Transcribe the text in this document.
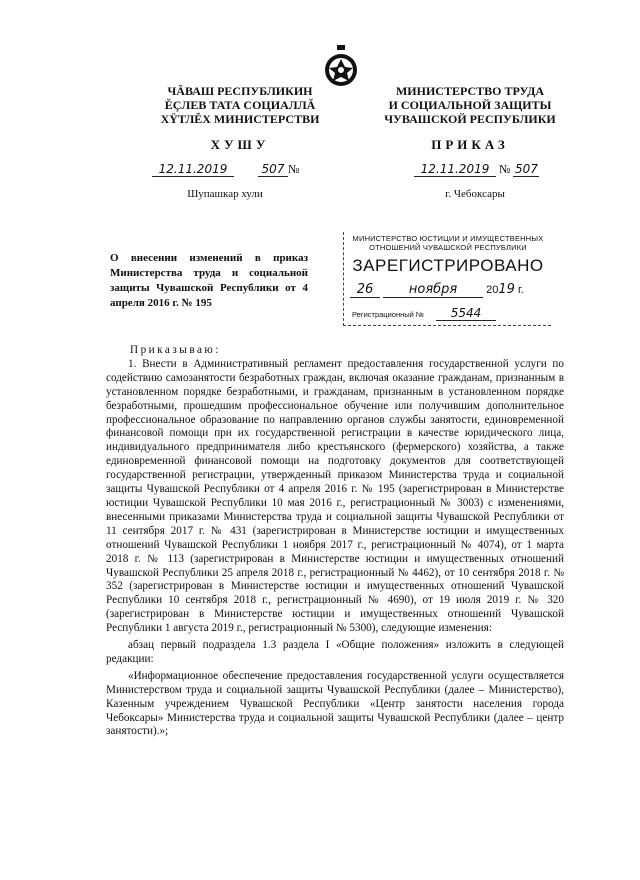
ЧĂВАШ РЕСПУБЛИКИН
ĔÇЛЕВ ТАТА СОЦИАЛЛĂ
ХŸТЛĔХ МИНИСТЕРСТВИ
МИНИСТЕРСТВО ТРУДА
И СОЦИАЛЬНОЙ ЗАЩИТЫ
ЧУВАШСКОЙ РЕСПУБЛИКИ
ХУШУ	ПРИКАЗ
12.11.2019	507 №	12.11.2019 № 507
Шупашкар хули	г. Чебоксары
О внесении изменений в приказ Министерства труда и социальной защиты Чувашской Республики от 4 апреля 2016 г. № 195
МИНИСТЕРСТВО ЮСТИЦИИ И ИМУЩЕСТВЕННЫХ ОТНОШЕНИЙ ЧУВАШСКОЙ РЕСПУБЛИКИ
ЗАРЕГИСТРИРОВАНО
26	ноября	2019 г.
Регистрационный № 5544

Приказываю:

1. Внести в Административный регламент предоставления государственной услуги по содействию самозанятости безработных граждан, включая оказание гражданам, признанным в установленном порядке безработными, и гражданам, признанным в установленном порядке безработными, прошедшим профессиональное обучение или получившим дополнительное профессиональное образование по направлению органов службы занятости, единовременной финансовой помощи при их государственной регистрации в качестве юридического лица, индивидуального предпринимателя либо крестьянского (фермерского) хозяйства, а также единовременной финансовой помощи на подготовку документов для соответствующей государственной регистрации, утвержденный приказом Министерства труда и социальной защиты Чувашской Республики от 4 апреля 2016 г. № 195 (зарегистрирован в Министерстве юстиции Чувашской Республики 10 мая 2016 г., регистрационный № 3003) с изменениями, внесенными приказами Министерства труда и социальной защиты Чувашской Республики от 11 сентября 2017 г. № 431 (зарегистрирован в Министерстве юстиции и имущественных отношений Чувашской Республики 1 ноября 2017 г., регистрационный № 4074), от 1 марта 2018 г. № 113 (зарегистрирован в Министерстве юстиции и имущественных отношений Чувашской Республики 25 апреля 2018 г., регистрационный № 4462), от 10 сентября 2018 г. № 352 (зарегистрирован в Министерстве юстиции и имущественных отношений Чувашской Республики 10 сентября 2018 г., регистрационный № 4690), от 19 июля 2019 г. № 320 (зарегистрирован в Министерстве юстиции и имущественных отношений Чувашской Республики 1 августа 2019 г., регистрационный № 5300), следующие изменения:

абзац первый подраздела 1.3 раздела I «Общие положения» изложить в следующей редакции:

«Информационное обеспечение предоставления государственной услуги осуществляется Министерством труда и социальной защиты Чувашской Республики (далее – Министерство), Казенным учреждением Чувашской Республики «Центр занятости населения города Чебоксары» Министерства труда и социальной защиты Чувашской Республики (далее – центр занятости).»;
